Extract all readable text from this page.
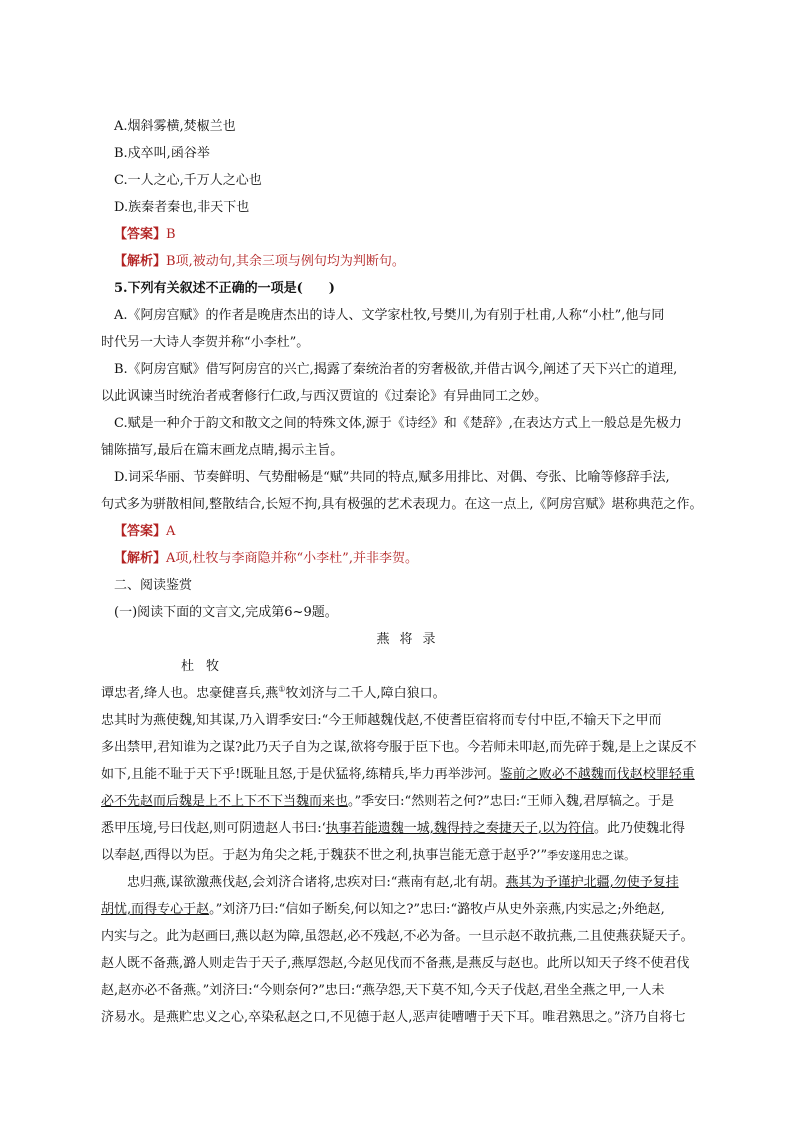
A.烟斜雾横,焚椒兰也

B.戍卒叫,函谷举

C.一人之心,千万人之心也

D.族秦者秦也,非天下也

【答案】B

【解析】B项,被动句,其余三项与例句均为判断句。

5.下列有关叙述不正确的一项是(　　)

A.《阿房宫赋》的作者是晚唐杰出的诗人、文学家杜牧,号樊川,为有别于杜甫,人称“小杜”,他与同

时代另一大诗人李贺并称“小李杜”。

B.《阿房宫赋》借写阿房宫的兴亡,揭露了秦统治者的穷奢极欲,并借古讽今,阐述了天下兴亡的道理,

以此讽谏当时统治者戒奢修行仁政,与西汉贾谊的《过秦论》有异曲同工之妙。

C.赋是一种介于韵文和散文之间的特殊文体,源于《诗经》和《楚辞》,在表达方式上一般总是先极力

铺陈描写,最后在篇末画龙点睛,揭示主旨。

D.词采华丽、节奏鲜明、气势酣畅是“赋”共同的特点,赋多用排比、对偶、夸张、比喻等修辞手法,

句式多为骈散相间,整散结合,长短不拘,具有极强的艺术表现力。在这一点上,《阿房宫赋》堪称典范之作。

【答案】A

【解析】A项,杜牧与李商隐并称“小李杜”,并非李贺。

二、阅读鉴赏

(一)阅读下面的文言文,完成第6~9题。

燕将录

杜牧

谭忠者,绛人也。忠豪健喜兵,燕①牧刘济与二千人,障白狼口。

忠其时为燕使魏,知其谋,乃入谓季安曰:“今王师越魏伐赵,不使耆臣宿将而专付中臣,不输天下之甲而

多出禁甲,君知谁为之谋?此乃天子自为之谋,欲将夸服于臣下也。今若师未叩赵,而先碎于魏,是上之谋反不

如下,且能不耻于天下乎!既耻且怒,于是伏猛将,练精兵,毕力再举涉河。鉴前之败必不越魏而伐赵校罪轻重

必不先赵而后魏是上不上下不下当魏而来也。”季安曰:“然则若之何?”忠曰:“王师入魏,君厚犒之。于是

悉甲压境,号曰伐赵,则可阴遗赵人书曰:‘执事若能遗魏一城,魏得持之奏捷天子,以为符信。此乃使魏北得

以奉赵,西得以为臣。于赵为角尖之耗,于魏获不世之利,执事岂能无意于赵乎?’”季安遂用忠之谋。

忠归燕,谋欲激燕伐赵,会刘济合诸将,忠疾对曰:“燕南有赵,北有胡。燕其为予谨护北疆,勿使予复挂

胡忧,而得专心于赵。”刘济乃曰:“信如子断矣,何以知之?”忠曰:“潞牧卢从史外亲燕,内实忌之;外绝赵,

内实与之。此为赵画曰,燕以赵为障,虽怨赵,必不残赵,不必为备。一旦示赵不敢抗燕,二且使燕获疑天子。

赵人既不备燕,潞人则走告于天子,燕厚怨赵,今赵见伐而不备燕,是燕反与赵也。此所以知天子终不使君伐

赵,赵亦必不备燕。”刘济曰:“今则奈何?”忠曰:“燕孕怨,天下莫不知,今天子伐赵,君坐全燕之甲,一人未

济易水。是燕贮忠义之心,卒染私赵之口,不见德于赵人,恶声徒嘈嘈于天下耳。唯君熟思之。”济乃自将七
